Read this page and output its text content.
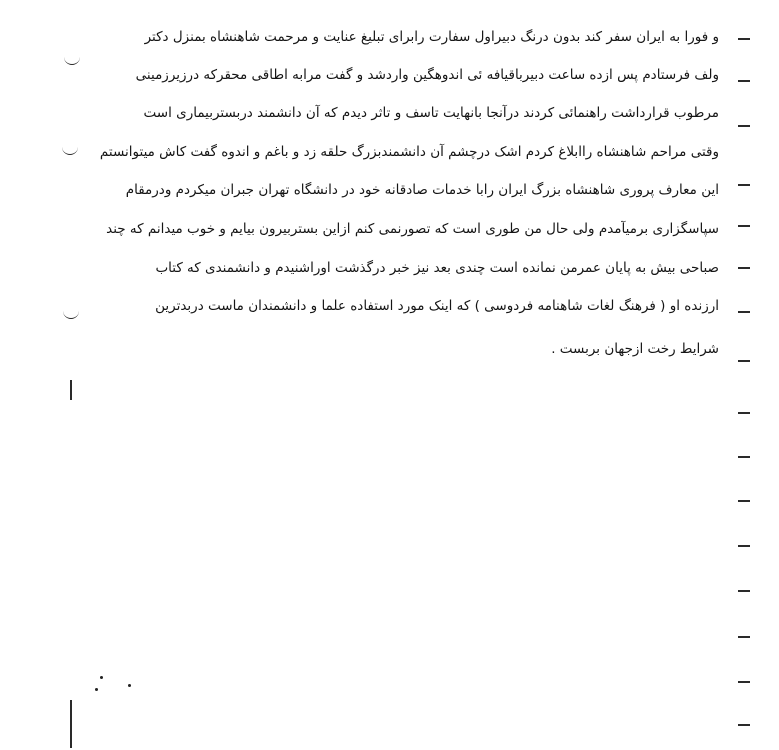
و فورا به ایران سفر کند بدون درنگ دبیراول سفارت رابرای تبلیغ عنایت و مرحمت شاهنشاه بمنزل دکتر
ولف فرستادم پس ازده ساعت دبیرباقیافه ئی اندوهگین واردشد و گفت مرابه اطاقی محقرکه درزیرزمینی
مرطوب قرارداشت راهنمائی کردند درآنجا بانهایت تاسف و تاثر دیدم که آن دانشمند دربستربیماری است
وقتی مراحم شاهنشاه راابلاغ کردم اشک درچشم آن دانشمندبزرگ حلقه زد و باغم و اندوه گفت کاش میتوانستم
این معارف پروری شاهنشاه بزرگ ایران رابا خدمات صادقانه خود در دانشگاه تهران جبران میکردم ودرمقام
سپاسگزاری برمیآمدم ولی حال من طوری است که تصورنمی کنم ازاین بستربیرون بیایم و خوب میدانم که چند
صباحی بیش به پایان عمرمن نمانده است چندی بعد نیز خبر درگذشت اوراشنیدم و دانشمندی که کتاب
ارزنده او ( فرهنگ لغات شاهنامه فردوسی ) که اینک مورد استفاده علما و دانشمندان ماست دربدترین
شرایط رخت ازجهان بربست .
